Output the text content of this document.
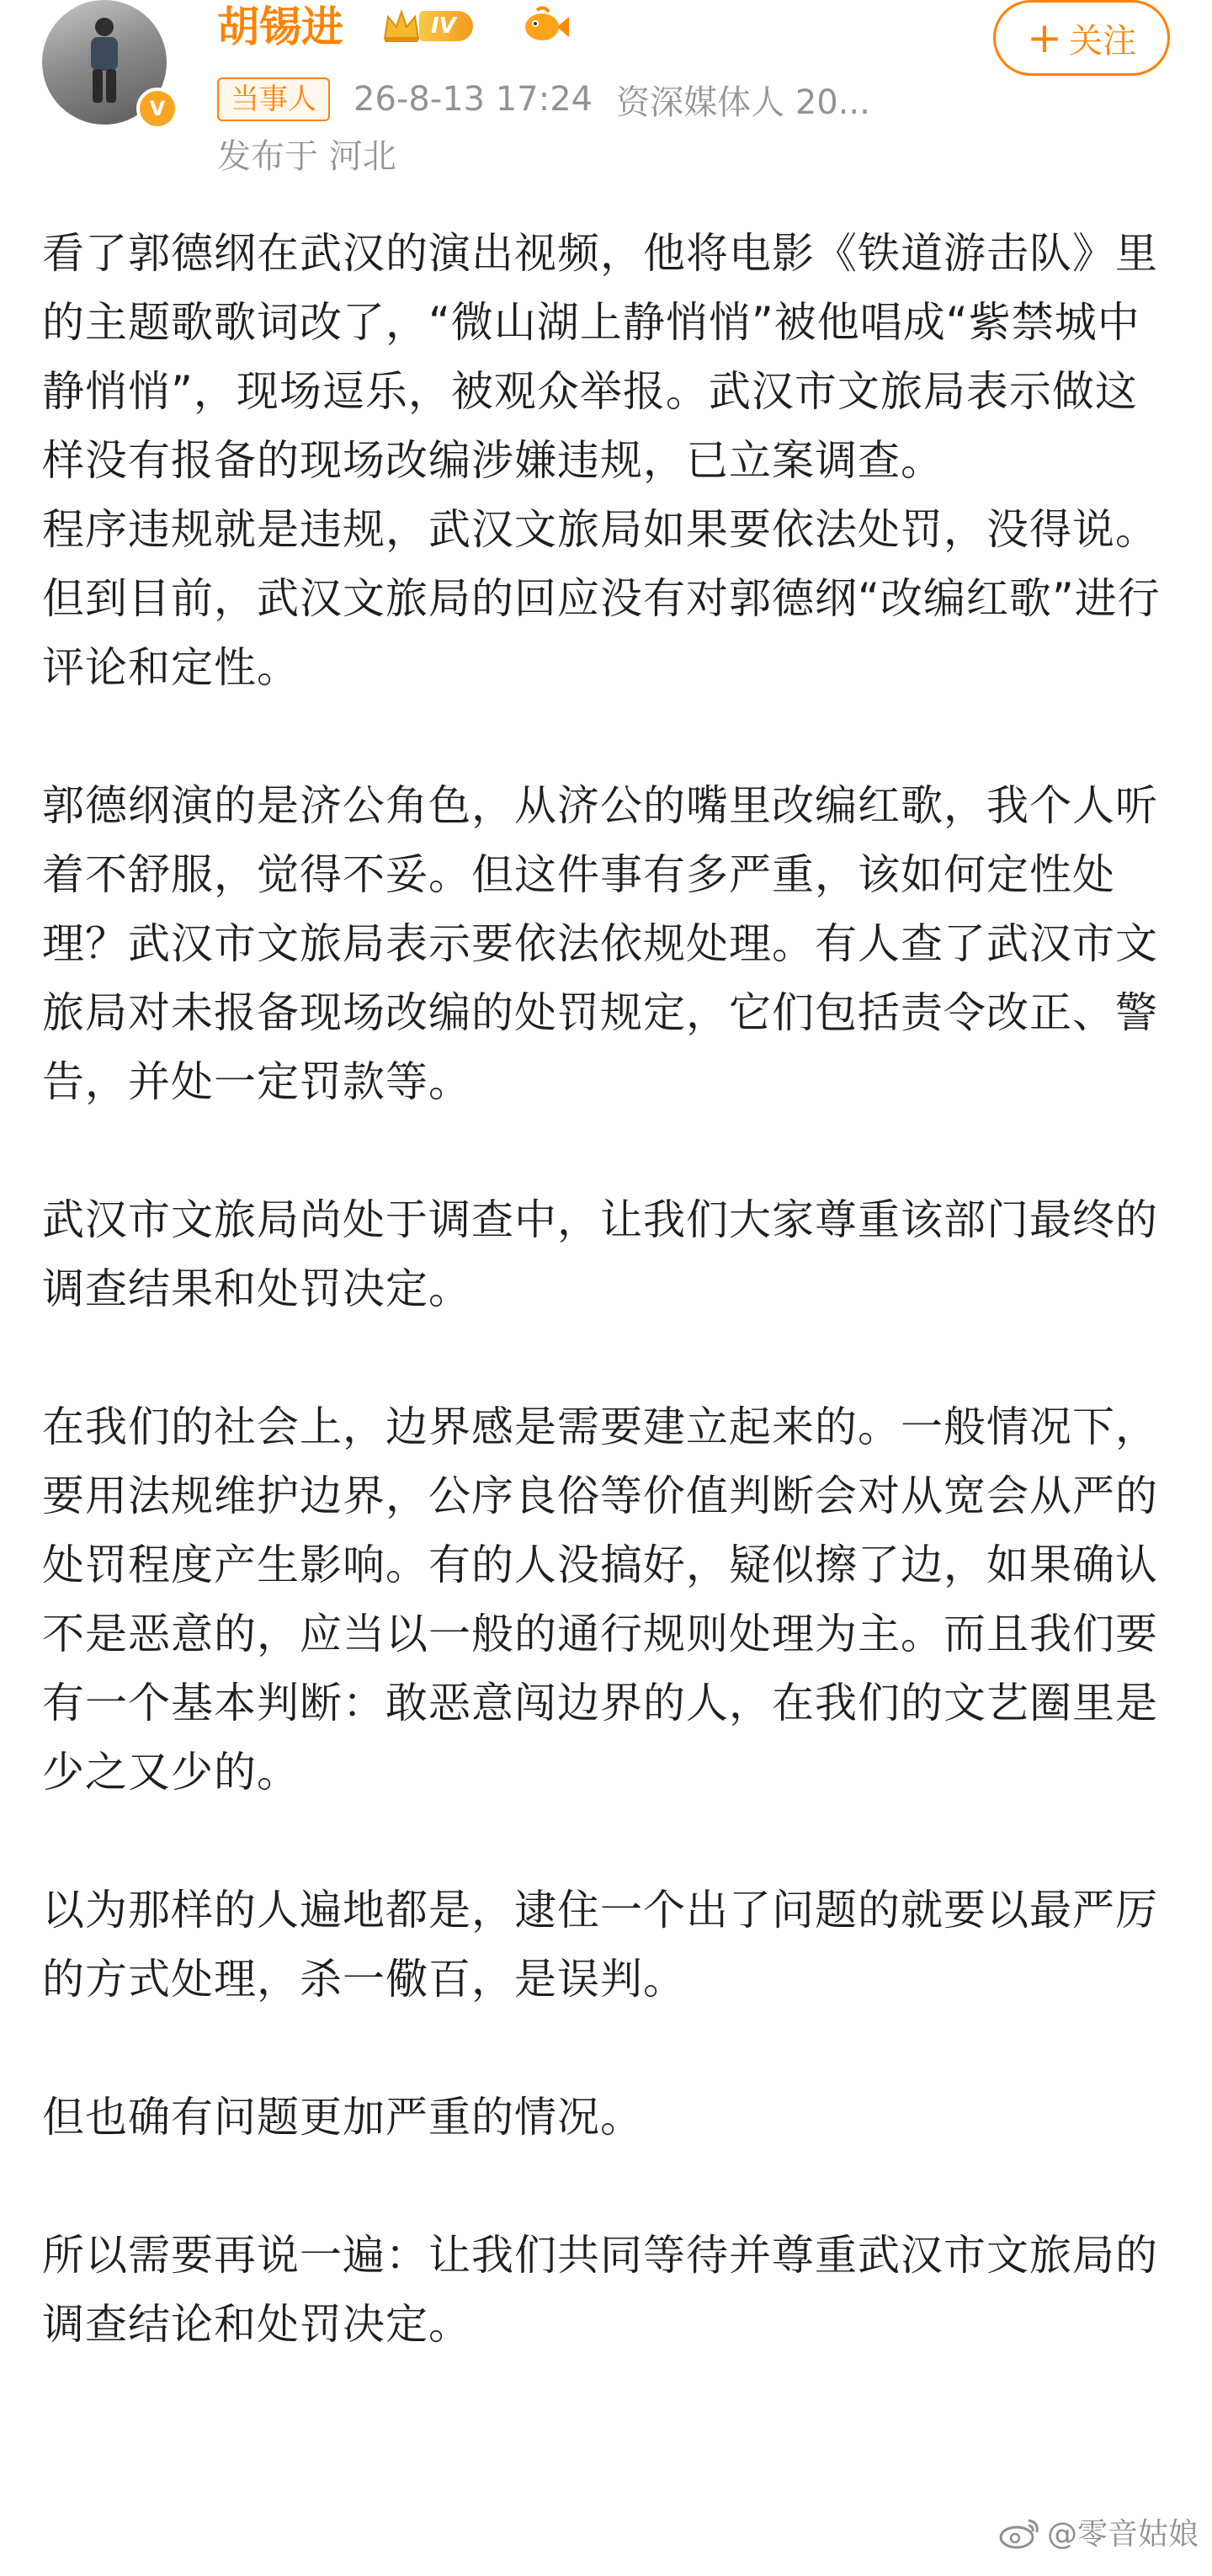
V
胡锡进	IV	+ 关注
当事人	26-8-13 17:24 资深媒体人 20...
发布于 河北

看了郭德纲在武汉的演出视频，他将电影《铁道游击队》里的主题歌歌词改了，“微山湖上静悄悄”被他唱成“紫禁城中静悄悄”，现场逗乐，被观众举报。武汉市文旅局表示做这样没有报备的现场改编涉嫌违规，已立案调查。

程序违规就是违规，武汉文旅局如果要依法处罚，没得说。但到目前，武汉文旅局的回应没有对郭德纲“改编红歌”进行评论和定性。

郭德纲演的是济公角色，从济公的嘴里改编红歌，我个人听着不舒服，觉得不妥。但这件事有多严重，该如何定性处理？武汉市文旅局表示要依法依规处理。有人查了武汉市文旅局对未报备现场改编的处罚规定，它们包括责令改正、警告，并处一定罚款等。

武汉市文旅局尚处于调查中，让我们大家尊重该部门最终的调查结果和处罚决定。

在我们的社会上，边界感是需要建立起来的。一般情况下，要用法规维护边界，公序良俗等价值判断会对从宽会从严的处罚程度产生影响。有的人没搞好，疑似擦了边，如果确认不是恶意的，应当以一般的通行规则处理为主。而且我们要有一个基本判断：敢恶意闯边界的人，在我们的文艺圈里是少之又少的。

以为那样的人遍地都是，逮住一个出了问题的就要以最严厉的方式处理，杀一儆百，是误判。

但也确有问题更加严重的情况。

所以需要再说一遍：让我们共同等待并尊重武汉市文旅局的调查结论和处罚决定。

@零音姑娘
